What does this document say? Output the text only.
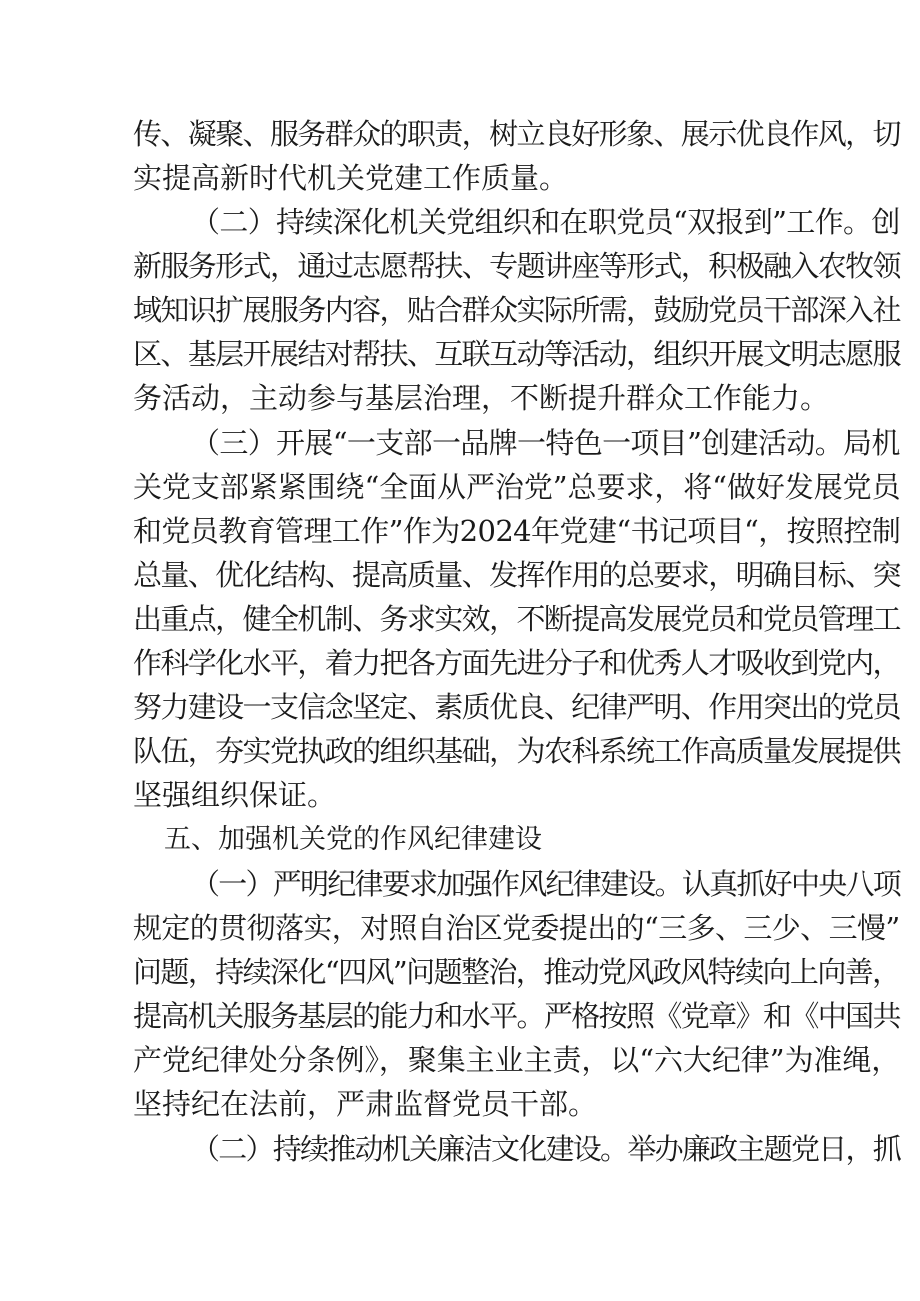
传、凝聚、服务群众的职责，树立良好形象、展示优良作风，切
实提高新时代机关党建工作质量。
（二）持续深化机关党组织和在职党员“双报到”工作。创
新服务形式，通过志愿帮扶、专题讲座等形式，积极融入农牧领
域知识扩展服务内容，贴合群众实际所需，鼓励党员干部深入社
区、基层开展结对帮扶、互联互动等活动，组织开展文明志愿服
务活动，主动参与基层治理，不断提升群众工作能力。
（三）开展“一支部一品牌一特色一项目”创建活动。局机
关党支部紧紧围绕“全面从严治党”总要求，将“做好发展党员
和党员教育管理工作”作为2024年党建“书记项目“，按照控制
总量、优化结构、提高质量、发挥作用的总要求，明确目标、突
出重点，健全机制、务求实效，不断提高发展党员和党员管理工
作科学化水平，着力把各方面先进分子和优秀人才吸收到党内，
努力建设一支信念坚定、素质优良、纪律严明、作用突出的党员
队伍，夯实党执政的组织基础，为农科系统工作高质量发展提供
坚强组织保证。
五、加强机关党的作风纪律建设
（一）严明纪律要求加强作风纪律建设。认真抓好中央八项
规定的贯彻落实，对照自治区党委提出的“三多、三少、三慢”
问题，持续深化“四风”问题整治，推动党风政风特续向上向善，
提高机关服务基层的能力和水平。严格按照《党章》和《中国共
产党纪律处分条例》，聚集主业主责，以“六大纪律”为准绳，
坚持纪在法前，严肃监督党员干部。
（二）持续推动机关廉洁文化建设。举办廉政主题党日，抓
